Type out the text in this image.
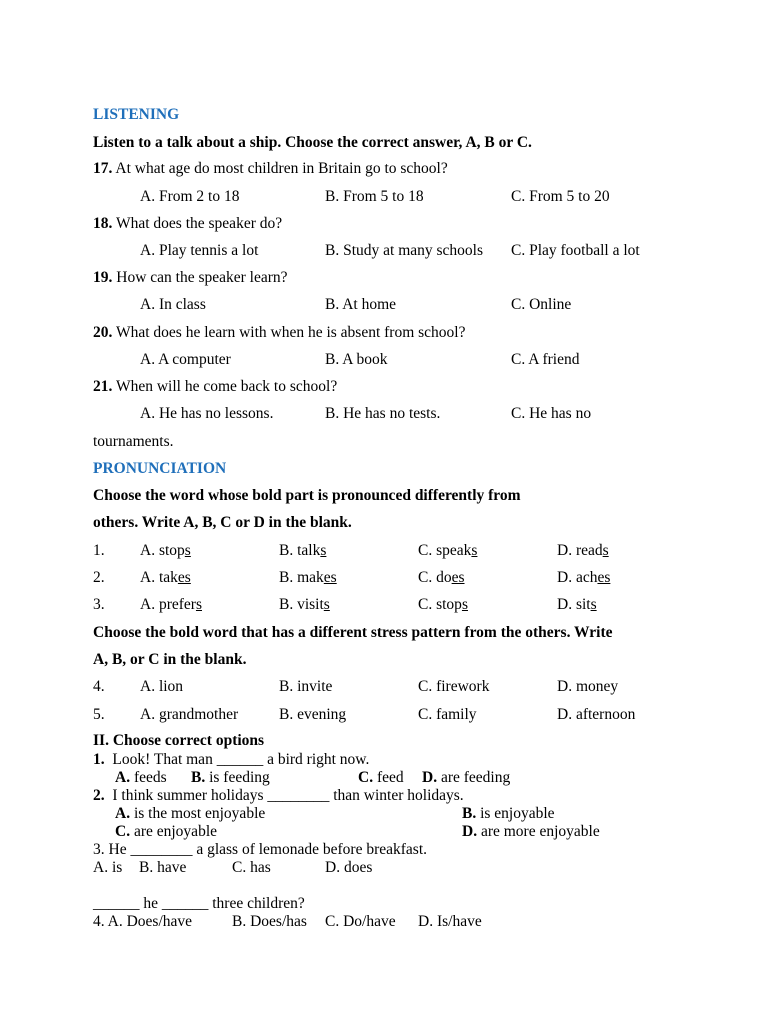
LISTENING
Listen to a talk about a ship. Choose the correct answer, A, B or C.
17. At what age do most children in Britain go to school?
A. From 2 to 18	B. From 5 to 18	C. From 5 to 20
18. What does the speaker do?
A. Play tennis a lot	B. Study at many schools C. Play football a lot
19. How can the speaker learn?
A. In class	B. At home	C. Online
20. What does he learn with when he is absent from school?
A. A computer	B. A book	C. A friend
21. When will he come back to school?
A. He has no lessons.	B. He has no tests.	C. He has no
tournaments.
PRONUNCIATION
Choose the word whose bold part is pronounced differently from
others. Write A, B, C or D in the blank.
1. A. stops	B. talks	C. speaks	D. reads
2. A. takes	B. makes	C. does	D. aches
3. A. prefers	B. visits	C. stops	D. sits
Choose the bold word that has a different stress pattern from the others. Write
A, B, or C in the blank.
4. A. lion	B. invite	C. firework	D. money
5. A. grandmother	B. evening	C. family	D. afternoon
II. Choose correct options
1. Look! That man ______ a bird right now.
A. feeds B. is feeding	C. feed D. are feeding
2. I think summer holidays ________ than winter holidays.
A. is the most enjoyable	B. is enjoyable
C. are enjoyable	D. are more enjoyable
3. He ________ a glass of lemonade before breakfast.
A. is B. have	C. has	D. does
______ he ______ three children?
4. A. Does/have	B. Does/has C. Do/have D. Is/have
